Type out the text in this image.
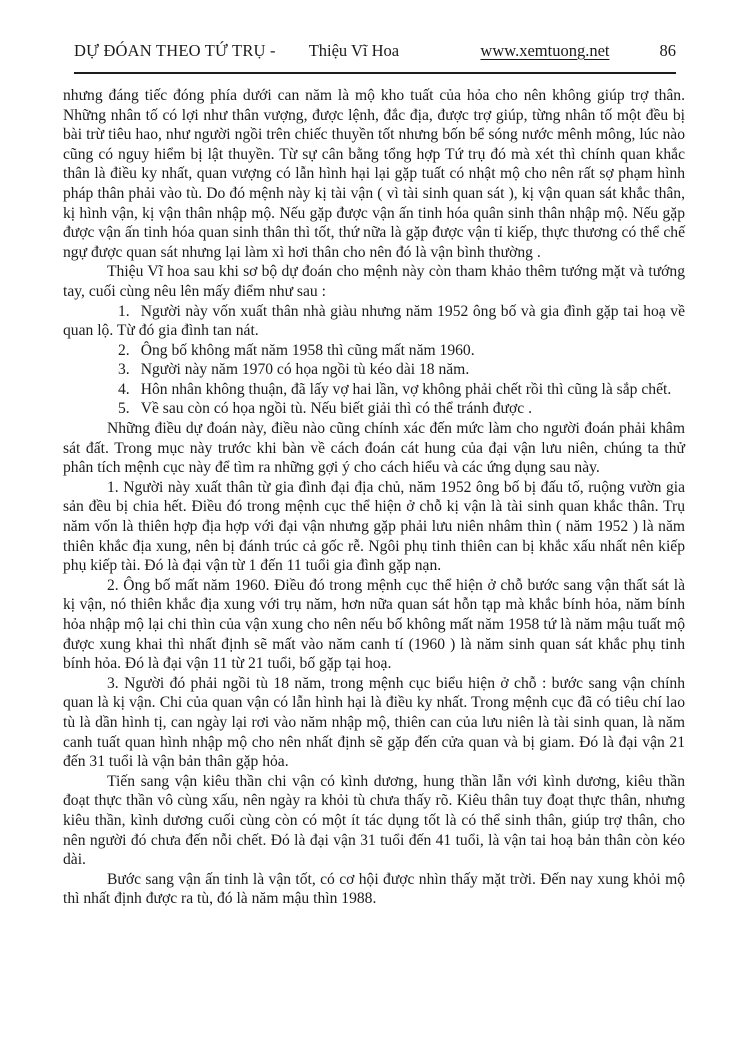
DỰ ĐÓAN THEO TỨ TRỤ - Thiệu Vĩ Hoa	www.xemtuong.net	86

nhưng đáng tiếc đóng phía dưới can năm là mộ kho tuất của hỏa cho nên không giúp trợ thân. Những nhân tố có lợi như thân vượng, được lệnh, đắc địa, được trợ giúp, từng nhân tố một đều bị bài trừ tiêu hao, như người ngồi trên chiếc thuyền tốt nhưng bốn bể sóng nước mênh mông, lúc nào cũng có nguy hiểm bị lật thuyền. Từ sự cân bằng tổng hợp Tứ trụ đó mà xét thì chính quan khắc thân là điều ky nhất, quan vượng có lẫn hình hại lại gặp tuất có nhật mộ cho nên rất sợ phạm hình pháp thân phải vào tù. Do đó mệnh này kị tài vận ( vì tài sinh quan sát ), kị vận quan sát khắc thân, kị hình vận, kị vận thân nhập mộ. Nếu gặp được vận ấn tinh hóa quân sinh thân nhập mộ. Nếu gặp được vận ấn tinh hóa quan sinh thân thì tốt, thứ nữa là gặp được vận tỉ kiếp, thực thương có thể chế ngự được quan sát nhưng lại làm xì hơi thân cho nên đó là vận bình thường .

Thiệu Vĩ hoa sau khi sơ bộ dự đoán cho mệnh này còn tham khảo thêm tướng mặt và tướng tay, cuối cùng nêu lên mấy điểm như sau :

1. Người này vốn xuất thân nhà giàu nhưng năm 1952 ông bố và gia đình gặp tai hoạ về quan lộ. Từ đó gia đình tan nát.

2. Ông bố không mất năm 1958 thì cũng mất năm 1960.

3. Người này năm 1970 có họa ngồi tù kéo dài 18 năm.

4. Hôn nhân không thuận, đã lấy vợ hai lần, vợ không phải chết rồi thì cũng là sắp chết.

5. Về sau còn có họa ngồi tù. Nếu biết giải thì có thể tránh được .

Những điều dự đoán này, điều nào cũng chính xác đến mức làm cho người đoán phải khâm sát đất. Trong mục này trước khi bàn về cách đoán cát hung của đại vận lưu niên, chúng ta thử phân tích mệnh cục này để tìm ra những gợi ý cho cách hiểu và các ứng dụng sau này.

1. Người này xuất thân từ gia đình đại địa chủ, năm 1952 ông bố bị đấu tố, ruộng vườn gia sản đều bị chia hết. Điều đó trong mệnh cục thể hiện ở chỗ kị vận là tài sinh quan khắc thân. Trụ năm vốn là thiên hợp địa hợp với đại vận nhưng gặp phải lưu niên nhâm thìn ( năm 1952 ) là năm thiên khắc địa xung, nên bị đánh trúc cả gốc rễ. Ngôi phụ tinh thiên can bị khắc xấu nhất nên kiếp phụ kiếp tài. Đó là đại vận từ 1 đến 11 tuổi gia đình gặp nạn.

2. Ông bố mất năm 1960. Điều đó trong mệnh cục thể hiện ở chỗ bước sang vận thất sát là kị vận, nó thiên khắc địa xung với trụ năm, hơn nữa quan sát hỗn tạp mà khắc bính hỏa, năm bính hỏa nhập mộ lại chi thìn của vận xung cho nên nếu bố không mất năm 1958 tứ là năm mậu tuất mộ được xung khai thì nhất định sẽ mất vào năm canh tí (1960 ) là năm sinh quan sát khắc phụ tinh bính hỏa. Đó là đại vận 11 từ 21 tuổi, bố gặp tại hoạ.

3. Người đó phải ngồi tù 18 năm, trong mệnh cục biểu hiện ở chỗ : bước sang vận chính quan là kị vận. Chi của quan vận có lẫn hình hại là điều ky nhất. Trong mệnh cục đã có tiêu chí lao tù là dần hình tị, can ngày lại rơi vào năm nhập mộ, thiên can của lưu niên là tài sinh quan, là năm canh tuất quan hình nhập mộ cho nên nhất định sẽ gặp đến cửa quan và bị giam. Đó là đại vận 21 đến 31 tuổi là vận bản thân gặp hỏa.

Tiến sang vận kiêu thần chi vận có kình dương, hung thần lẫn với kình dương, kiêu thần đoạt thực thần vô cùng xấu, nên ngày ra khỏi tù chưa thấy rõ. Kiêu thân tuy đoạt thực thân, nhưng kiêu thần, kình dương cuối cùng còn có một ít tác dụng tốt là có thể sinh thân, giúp trợ thân, cho nên người đó chưa đến nỗi chết. Đó là đại vận 31 tuổi đến 41 tuổi, là vận tai hoạ bản thân còn kéo dài.

Bước sang vận ấn tinh là vận tốt, có cơ hội được nhìn thấy mặt trời. Đến nay xung khỏi mộ thì nhất định được ra tù, đó là năm mậu thìn 1988.
